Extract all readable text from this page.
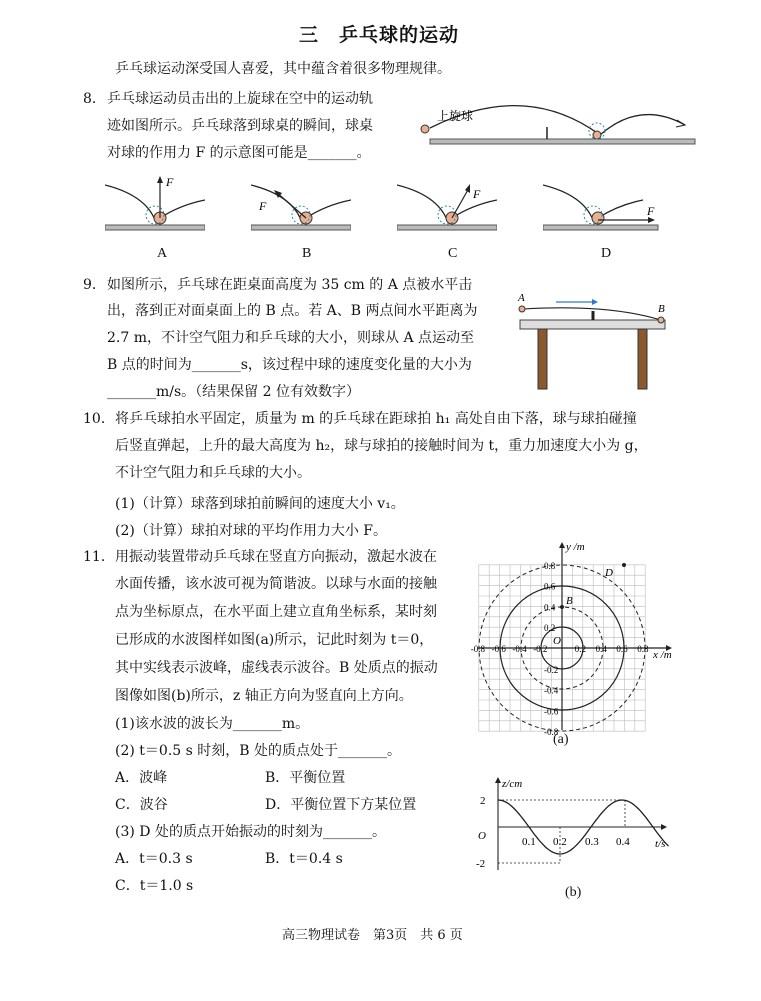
三　乒乓球的运动
乒乓球运动深受国人喜爱，其中蕴含着很多物理规律。
8． 乒乓球运动员击出的上旋球在空中的运动轨
迹如图所示。乒乓球落到球桌的瞬间，球桌
对球的作用力 F 的示意图可能是_______。
上旋球
F
F
F
F
A	B	C	D
9． 如图所示，乒乓球在距桌面高度为 35 cm 的 A 点被水平击
出，落到正对面桌面上的 B 点。若 A、B 两点间水平距离为
2.7 m，不计空气阻力和乒乓球的大小，则球从 A 点运动至
B 点的时间为_______s，该过程中球的速度变化量的大小为
_______m/s。（结果保留 2 位有效数字）
A
B
10． 将乒乓球拍水平固定，质量为 m 的乒乓球在距球拍 h₁ 高处自由下落，球与球拍碰撞
后竖直弹起，上升的最大高度为 h₂，球与球拍的接触时间为 t，重力加速度大小为 g，
不计空气阻力和乒乓球的大小。
(1)（计算）球落到球拍前瞬间的速度大小 v₁。
(2)（计算）球拍对球的平均作用力大小 F。
11． 用振动装置带动乒乓球在竖直方向振动，激起水波在
水面传播，该水波可视为简谐波。以球与水面的接触
点为坐标原点，在水平面上建立直角坐标系，某时刻
已形成的水波图样如图(a)所示，记此时刻为 t＝0，
其中实线表示波峰，虚线表示波谷。B 处质点的振动
图像如图(b)所示，z 轴正方向为竖直向上方向。
(1)该水波的波长为_______m。
(2) t＝0.5 s 时刻，B 处的质点处于_______。
A．波峰	B．平衡位置
C．波谷	D．平衡位置下方某位置
(3) D 处的质点开始振动的时刻为_______。
A．t＝0.3 s	B．t＝0.4 s
C．t＝1.0 s
y /m
x /m
O
B
D
0.8
0.6
0.4
0.2
-0.2
-0.4
-0.6
-0.8
-0.8 -0.6 -0.4 -0.2	0.2 0.4 0.6 0.8
(a)
z/cm
t/s
O
2
-2
0.1 0.2 0.3 0.4
(b)
高三物理试卷　第3页　共 6 页
